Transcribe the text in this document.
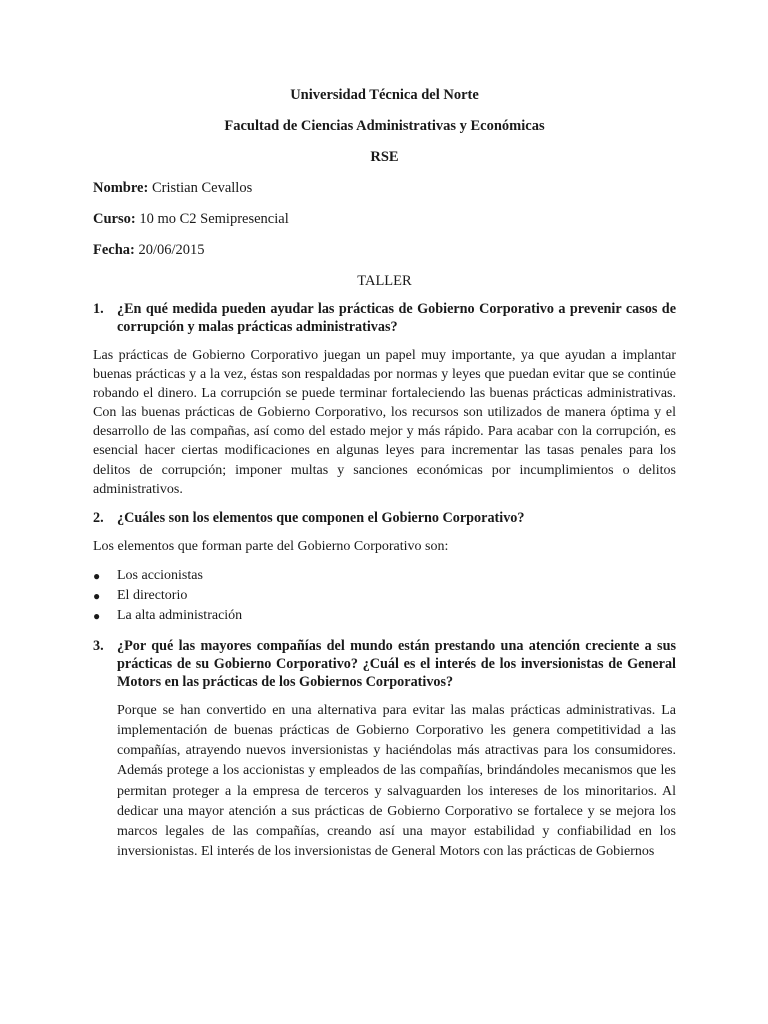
Universidad Técnica del Norte

Facultad de Ciencias Administrativas y Económicas

RSE

Nombre: Cristian Cevallos

Curso: 10 mo C2 Semipresencial

Fecha: 20/06/2015

TALLER

1. ¿En qué medida pueden ayudar las prácticas de Gobierno Corporativo a prevenir casos de corrupción y malas prácticas administrativas?

Las prácticas de Gobierno Corporativo juegan un papel muy importante, ya que ayudan a implantar buenas prácticas y a la vez, éstas son respaldadas por normas y leyes que puedan evitar que se continúe robando el dinero. La corrupción se puede terminar fortaleciendo las buenas prácticas administrativas. Con las buenas prácticas de Gobierno Corporativo, los recursos son utilizados de manera óptima y el desarrollo de las compañas, así como del estado mejor y más rápido. Para acabar con la corrupción, es esencial hacer ciertas modificaciones en algunas leyes para incrementar las tasas penales para los delitos de corrupción; imponer multas y sanciones económicas por incumplimientos o delitos administrativos.

2. ¿Cuáles son los elementos que componen el Gobierno Corporativo?

Los elementos que forman parte del Gobierno Corporativo son:

●	Los accionistas
●	El directorio
●	La alta administración
3. ¿Por qué las mayores compañías del mundo están prestando una atención creciente a sus prácticas de su Gobierno Corporativo? ¿Cuál es el interés de los inversionistas de General Motors en las prácticas de los Gobiernos Corporativos?

Porque se han convertido en una alternativa para evitar las malas prácticas administrativas. La implementación de buenas prácticas de Gobierno Corporativo les genera competitividad a las compañías, atrayendo nuevos inversionistas y haciéndolas más atractivas para los consumidores. Además protege a los accionistas y empleados de las compañías, brindándoles mecanismos que les permitan proteger a la empresa de terceros y salvaguarden los intereses de los minoritarios. Al dedicar una mayor atención a sus prácticas de Gobierno Corporativo se fortalece y se mejora los marcos legales de las compañías, creando así una mayor estabilidad y confiabilidad en los inversionistas. El interés de los inversionistas de General Motors con las prácticas de Gobiernos
